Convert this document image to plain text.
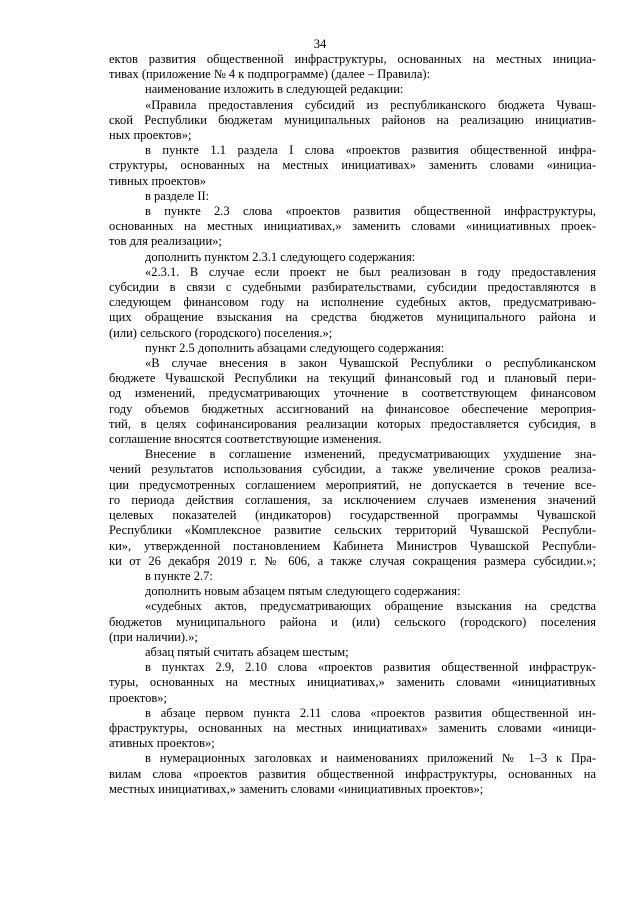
34

ектов развития общественной инфраструктуры, основанных на местных инициа-

тивах (приложение № 4 к подпрограмме) (далее – Правила):

наименование изложить в следующей редакции:

«Правила предоставления субсидий из республиканского бюджета Чуваш-

ской Республики бюджетам муниципальных районов на реализацию инициатив-

ных проектов»;

в пункте 1.1 раздела I слова «проектов развития общественной инфра-

структуры, основанных на местных инициативах» заменить словами «инициа-

тивных проектов»

в разделе II:

в пункте 2.3 слова «проектов развития общественной инфраструктуры,

основанных на местных инициативах,» заменить словами «инициативных проек-

тов для реализации»;

дополнить пунктом 2.3.1 следующего содержания:

«2.3.1. В случае если проект не был реализован в году предоставления

субсидии в связи с судебными разбирательствами, субсидии предоставляются в

следующем финансовом году на исполнение судебных актов, предусматриваю-

щих обращение взыскания на средства бюджетов муниципального района и

(или) сельского (городского) поселения.»;

пункт 2.5 дополнить абзацами следующего содержания:

«В случае внесения в закон Чувашской Республики о республиканском

бюджете Чувашской Республики на текущий финансовый год и плановый пери-

од изменений, предусматривающих уточнение в соответствующем финансовом

году объемов бюджетных ассигнований на финансовое обеспечение мероприя-

тий, в целях софинансирования реализации которых предоставляется субсидия, в

соглашение вносятся соответствующие изменения.

Внесение в соглашение изменений, предусматривающих ухудшение зна-

чений результатов использования субсидии, а также увеличение сроков реализа-

ции предусмотренных соглашением мероприятий, не допускается в течение все-

го периода действия соглашения, за исключением случаев изменения значений

целевых показателей (индикаторов) государственной программы Чувашской

Республики «Комплексное развитие сельских территорий Чувашской Республи-

ки», утвержденной постановлением Кабинета Министров Чувашской Республи-

ки от 26 декабря 2019 г. № 606, а также случая сокращения размера субсидии.»;

в пункте 2.7:

дополнить новым абзацем пятым следующего содержания:

«судебных актов, предусматривающих обращение взыскания на средства

бюджетов муниципального района и (или) сельского (городского) поселения

(при наличии).»;

абзац пятый считать абзацем шестым;

в пунктах 2.9, 2.10 слова «проектов развития общественной инфраструк-

туры, основанных на местных инициативах,» заменить словами «инициативных

проектов»;

в абзаце первом пункта 2.11 слова «проектов развития общественной ин-

фраструктуры, основанных на местных инициативах» заменить словами «иници-

ативных проектов»;

в нумерационных заголовках и наименованиях приложений № 1–3 к Пра-

вилам слова «проектов развития общественной инфраструктуры, основанных на

местных инициативах,» заменить словами «инициативных проектов»;
